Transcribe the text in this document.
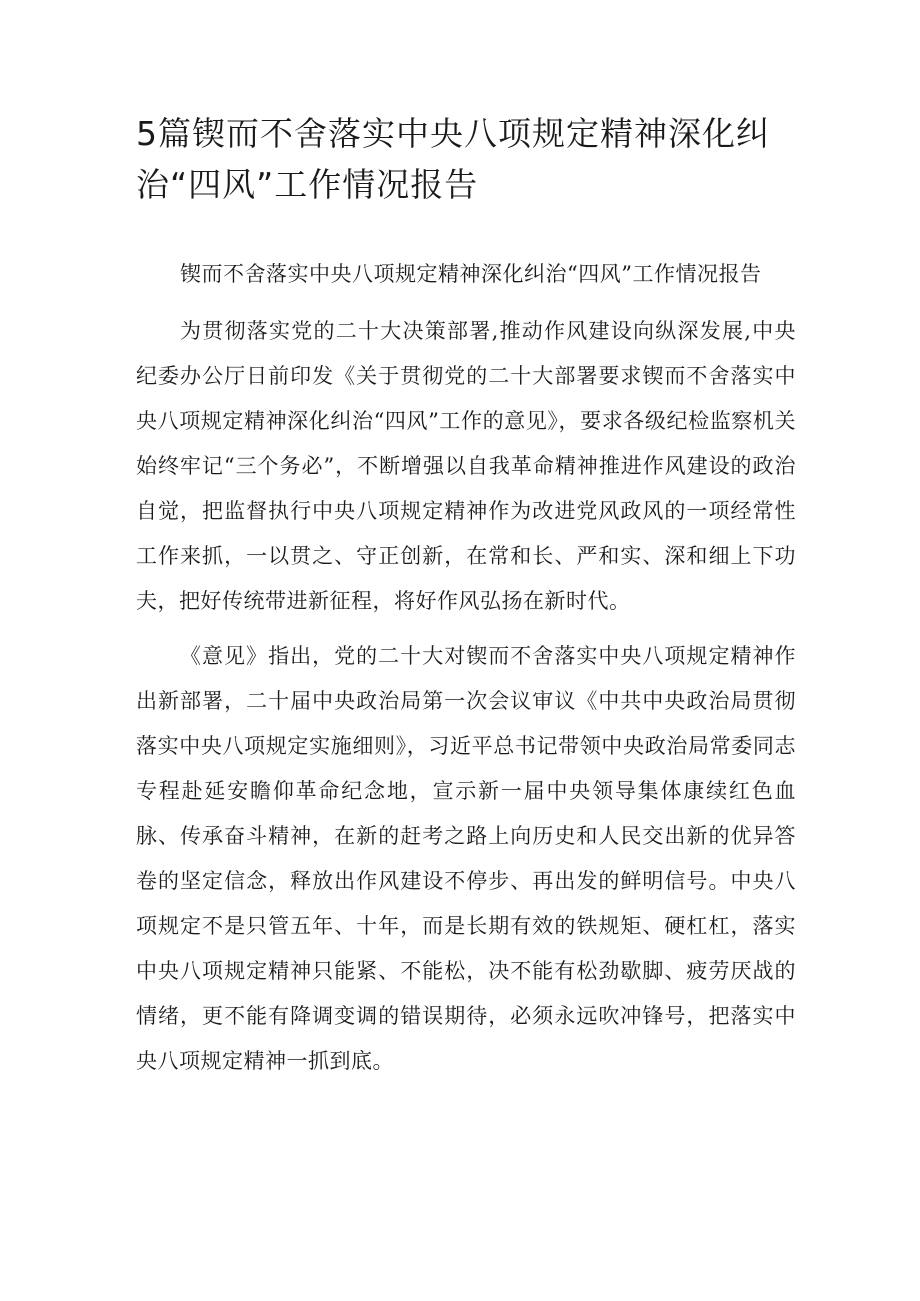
5篇锲而不舍落实中央八项规定精神深化纠治“四风”工作情况报告

锲而不舍落实中央八项规定精神深化纠治“四风”工作情况报告

为贯彻落实党的二十大决策部署,推动作风建设向纵深发展,中央纪委办公厅日前印发《关于贯彻党的二十大部署要求锲而不舍落实中央八项规定精神深化纠治“四风”工作的意见》，要求各级纪检监察机关始终牢记“三个务必”，不断增强以自我革命精神推进作风建设的政治自觉，把监督执行中央八项规定精神作为改进党风政风的一项经常性工作来抓，一以贯之、守正创新，在常和长、严和实、深和细上下功夫，把好传统带进新征程，将好作风弘扬在新时代。

《意见》指出，党的二十大对锲而不舍落实中央八项规定精神作出新部署，二十届中央政治局第一次会议审议《中共中央政治局贯彻落实中央八项规定实施细则》，习近平总书记带领中央政治局常委同志专程赴延安瞻仰革命纪念地，宣示新一届中央领导集体康续红色血脉、传承奋斗精神，在新的赶考之路上向历史和人民交出新的优异答卷的坚定信念，释放出作风建设不停步、再出发的鲜明信号。中央八项规定不是只管五年、十年，而是长期有效的铁规矩、硬杠杠，落实中央八项规定精神只能紧、不能松，决不能有松劲歇脚、疲劳厌战的情绪，更不能有降调变调的错误期待，必须永远吹冲锋号，把落实中央八项规定精神一抓到底。
